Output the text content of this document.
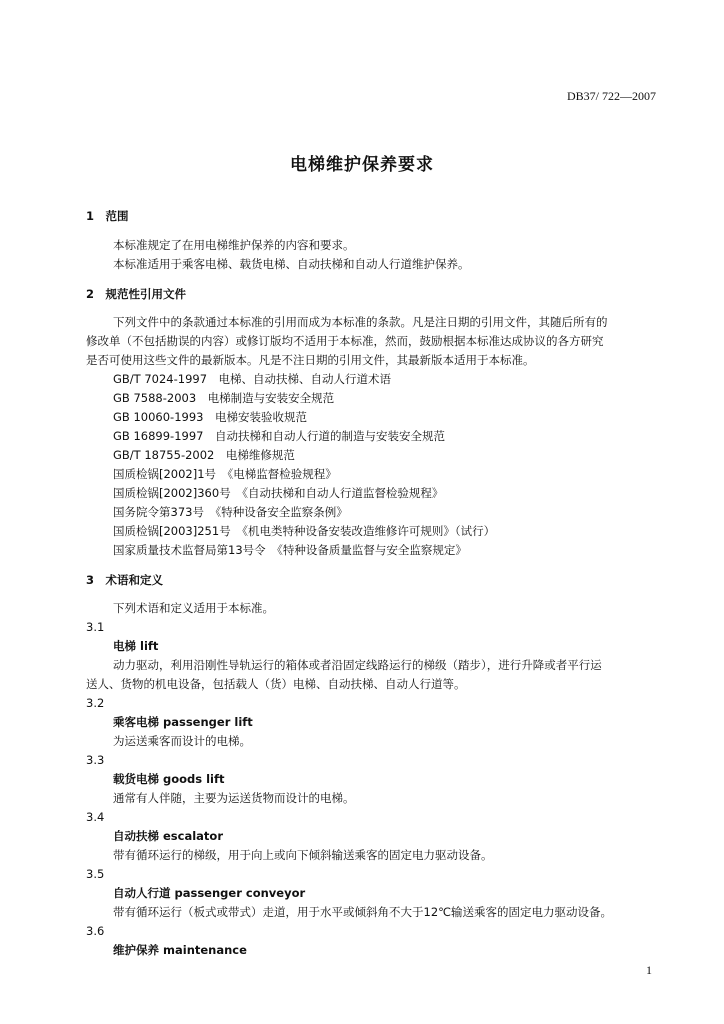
DB37/ 722—2007
电梯维护保养要求
1　范围
本标准规定了在用电梯维护保养的内容和要求。
本标准适用于乘客电梯、载货电梯、自动扶梯和自动人行道维护保养。
2　规范性引用文件
下列文件中的条款通过本标准的引用而成为本标准的条款。凡是注日期的引用文件，其随后所有的
修改单（不包括勘误的内容）或修订版均不适用于本标准，然而，鼓励根据本标准达成协议的各方研究
是否可使用这些文件的最新版本。凡是不注日期的引用文件，其最新版本适用于本标准。
GB/T 7024-1997　电梯、自动扶梯、自动人行道术语
GB 7588-2003　电梯制造与安装安全规范
GB 10060-1993　电梯安装验收规范
GB 16899-1997　自动扶梯和自动人行道的制造与安装安全规范
GB/T 18755-2002　电梯维修规范
国质检锅[2002]1号　《电梯监督检验规程》
国质检锅[2002]360号　《自动扶梯和自动人行道监督检验规程》
国务院令第373号　《特种设备安全监察条例》
国质检锅[2003]251号　《机电类特种设备安装改造维修许可规则》（试行）
国家质量技术监督局第13号令　《特种设备质量监督与安全监察规定》
3　术语和定义
下列术语和定义适用于本标准。
3.1
电梯 lift
动力驱动，利用沿刚性导轨运行的箱体或者沿固定线路运行的梯级（踏步），进行升降或者平行运
送人、货物的机电设备，包括载人（货）电梯、自动扶梯、自动人行道等。
3.2
乘客电梯 passenger lift
为运送乘客而设计的电梯。
3.3
载货电梯 goods lift
通常有人伴随，主要为运送货物而设计的电梯。
3.4
自动扶梯 escalator
带有循环运行的梯级，用于向上或向下倾斜输送乘客的固定电力驱动设备。
3.5
自动人行道 passenger conveyor
带有循环运行（板式或带式）走道，用于水平或倾斜角不大于12℃输送乘客的固定电力驱动设备。
3.6
维护保养 maintenance
1
